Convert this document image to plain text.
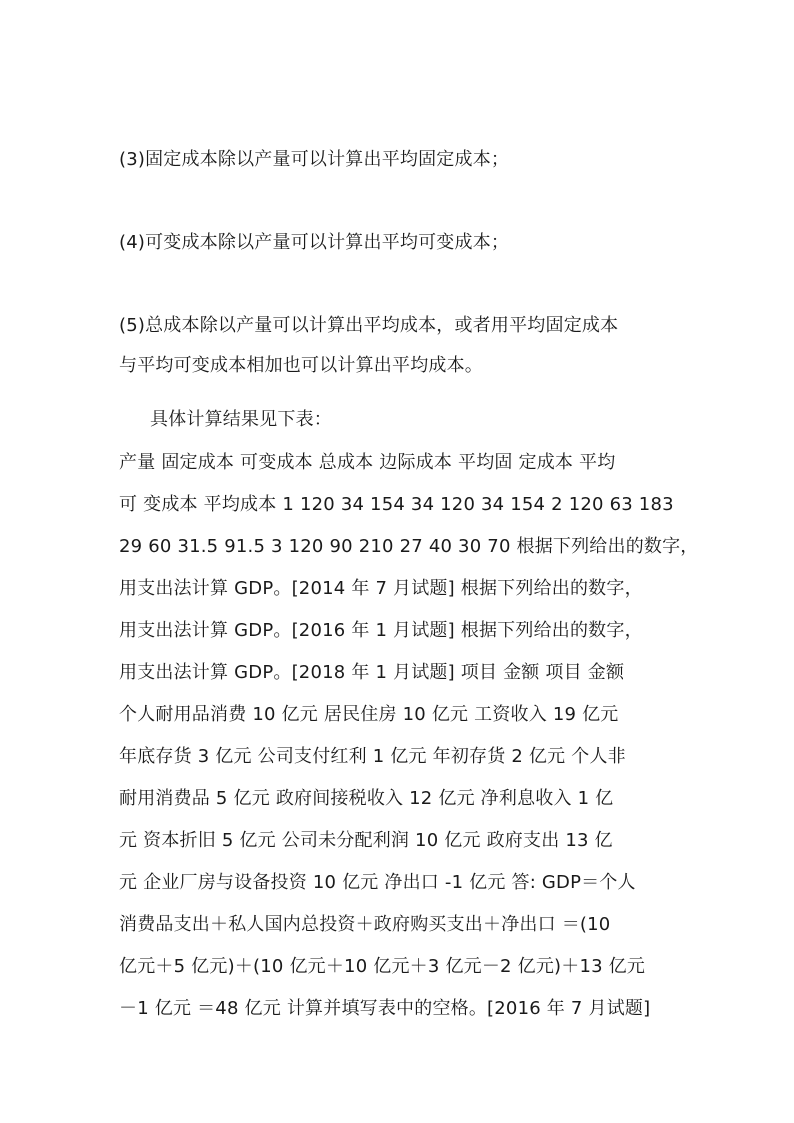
(3)固定成本除以产量可以计算出平均固定成本；
(4)可变成本除以产量可以计算出平均可变成本；
(5)总成本除以产量可以计算出平均成本，或者用平均固定成本
与平均可变成本相加也可以计算出平均成本。
具体计算结果见下表：
产量 固定成本 可变成本 总成本 边际成本 平均固 定成本 平均
可 变成本 平均成本 1 120 34 154 34 120 34 154 2 120 63 183
29 60 31.5 91.5 3 120 90 210 27 40 30 70 根据下列给出的数字，
用支出法计算 GDP。[2014 年 7 月试题] 根据下列给出的数字，
用支出法计算 GDP。[2016 年 1 月试题] 根据下列给出的数字，
用支出法计算 GDP。[2018 年 1 月试题] 项目 金额 项目 金额
个人耐用品消费 10 亿元 居民住房 10 亿元 工资收入 19 亿元
年底存货 3 亿元 公司支付红利 1 亿元 年初存货 2 亿元 个人非
耐用消费品 5 亿元 政府间接税收入 12 亿元 净利息收入 1 亿
元 资本折旧 5 亿元 公司未分配利润 10 亿元 政府支出 13 亿
元 企业厂房与设备投资 10 亿元 净出口 -1 亿元 答: GDP＝个人
消费品支出＋私人国内总投资＋政府购买支出＋净出口 ＝(10
亿元＋5 亿元)＋(10 亿元＋10 亿元＋3 亿元－2 亿元)＋13 亿元
－1 亿元 ＝48 亿元 计算并填写表中的空格。[2016 年 7 月试题]
